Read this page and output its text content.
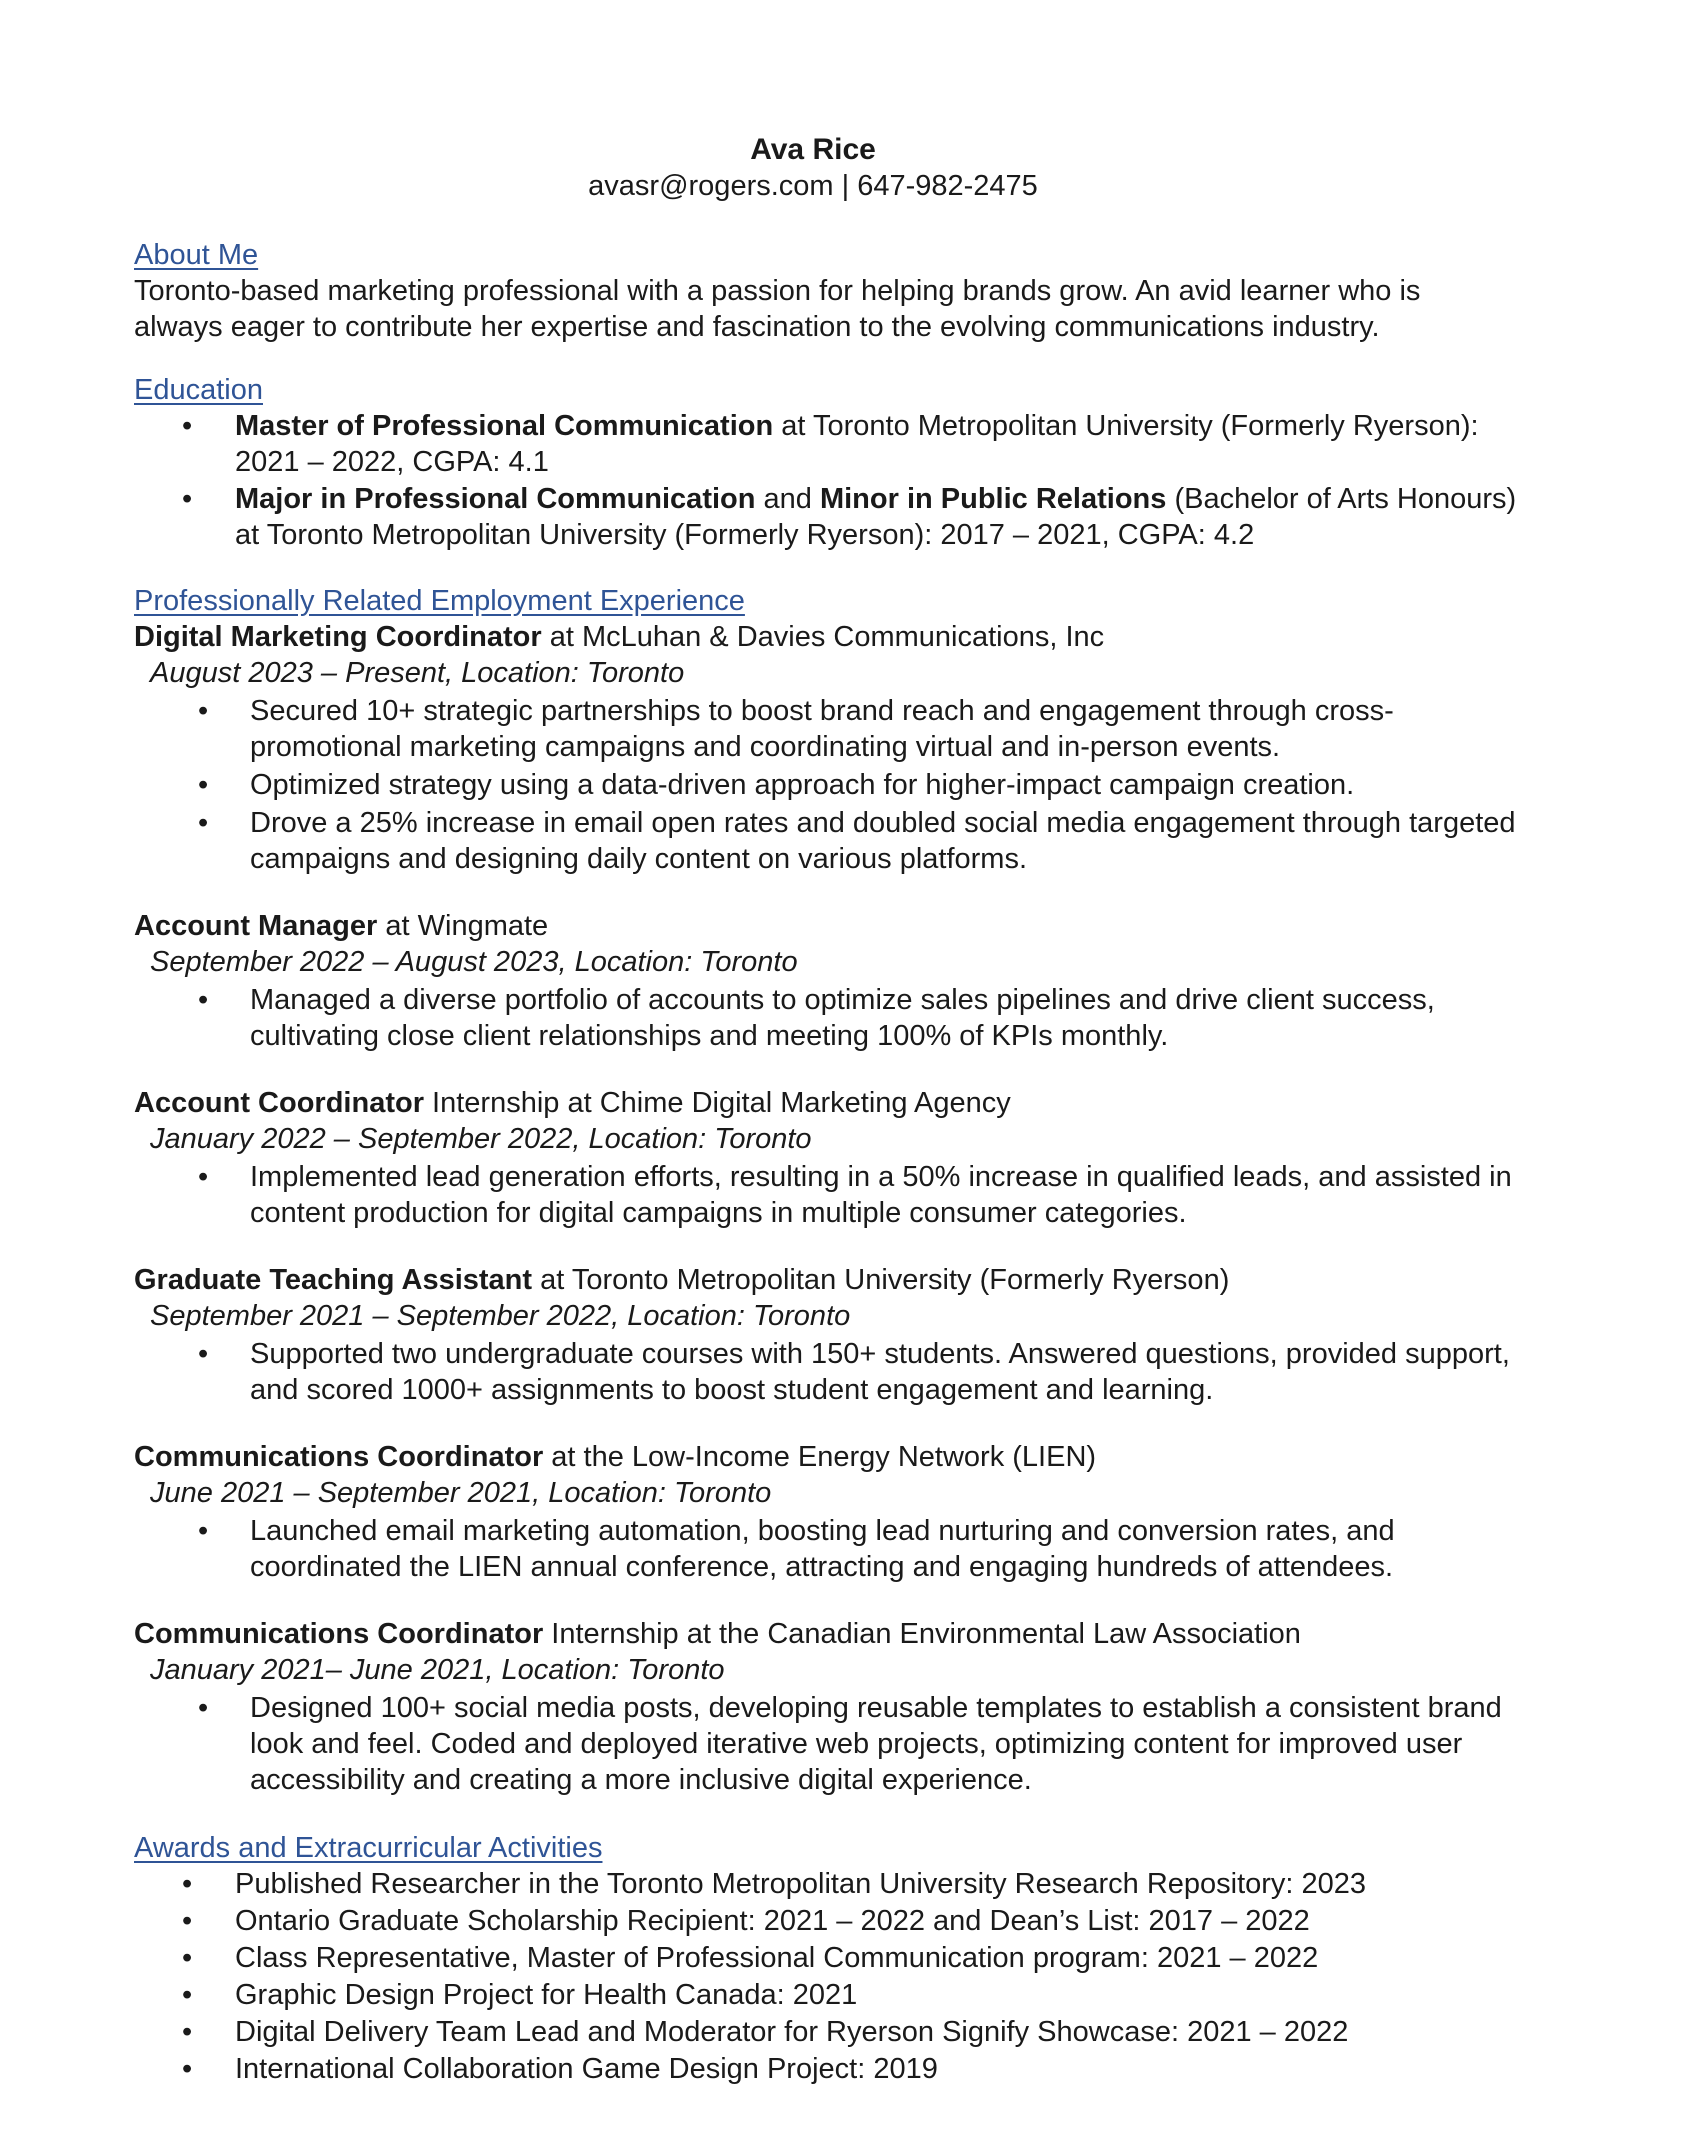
Ava Rice
avasr@rogers.com | 647-982-2475
About Me

Toronto-based marketing professional with a passion for helping brands grow. An avid learner who is always eager to contribute her expertise and fascination to the evolving communications industry.

Education
• Master of Professional Communication at Toronto Metropolitan University (Formerly Ryerson): 2021 – 2022, CGPA: 4.1
• Major in Professional Communication and Minor in Public Relations (Bachelor of Arts Honours) at Toronto Metropolitan University (Formerly Ryerson): 2017 – 2021, CGPA: 4.2
Professionally Related Employment Experience
Digital Marketing Coordinator at McLuhan & Davies Communications, Inc
August 2023 – Present, Location: Toronto
• Secured 10+ strategic partnerships to boost brand reach and engagement through cross-promotional marketing campaigns and coordinating virtual and in-person events.
• Optimized strategy using a data-driven approach for higher-impact campaign creation.
• Drove a 25% increase in email open rates and doubled social media engagement through targeted campaigns and designing daily content on various platforms.
Account Manager at Wingmate
September 2022 – August 2023, Location: Toronto
• Managed a diverse portfolio of accounts to optimize sales pipelines and drive client success, cultivating close client relationships and meeting 100% of KPIs monthly.
Account Coordinator Internship at Chime Digital Marketing Agency
January 2022 – September 2022, Location: Toronto
• Implemented lead generation efforts, resulting in a 50% increase in qualified leads, and assisted in content production for digital campaigns in multiple consumer categories.
Graduate Teaching Assistant at Toronto Metropolitan University (Formerly Ryerson)
September 2021 – September 2022, Location: Toronto
• Supported two undergraduate courses with 150+ students. Answered questions, provided support, and scored 1000+ assignments to boost student engagement and learning.
Communications Coordinator at the Low-Income Energy Network (LIEN)
June 2021 – September 2021, Location: Toronto
• Launched email marketing automation, boosting lead nurturing and conversion rates, and coordinated the LIEN annual conference, attracting and engaging hundreds of attendees.
Communications Coordinator Internship at the Canadian Environmental Law Association
January 2021– June 2021, Location: Toronto
• Designed 100+ social media posts, developing reusable templates to establish a consistent brand look and feel. Coded and deployed iterative web projects, optimizing content for improved user accessibility and creating a more inclusive digital experience.
Awards and Extracurricular Activities
• Published Researcher in the Toronto Metropolitan University Research Repository: 2023
• Ontario Graduate Scholarship Recipient: 2021 – 2022 and Dean’s List: 2017 – 2022
• Class Representative, Master of Professional Communication program: 2021 – 2022
• Graphic Design Project for Health Canada: 2021
• Digital Delivery Team Lead and Moderator for Ryerson Signify Showcase: 2021 – 2022
• International Collaboration Game Design Project: 2019
